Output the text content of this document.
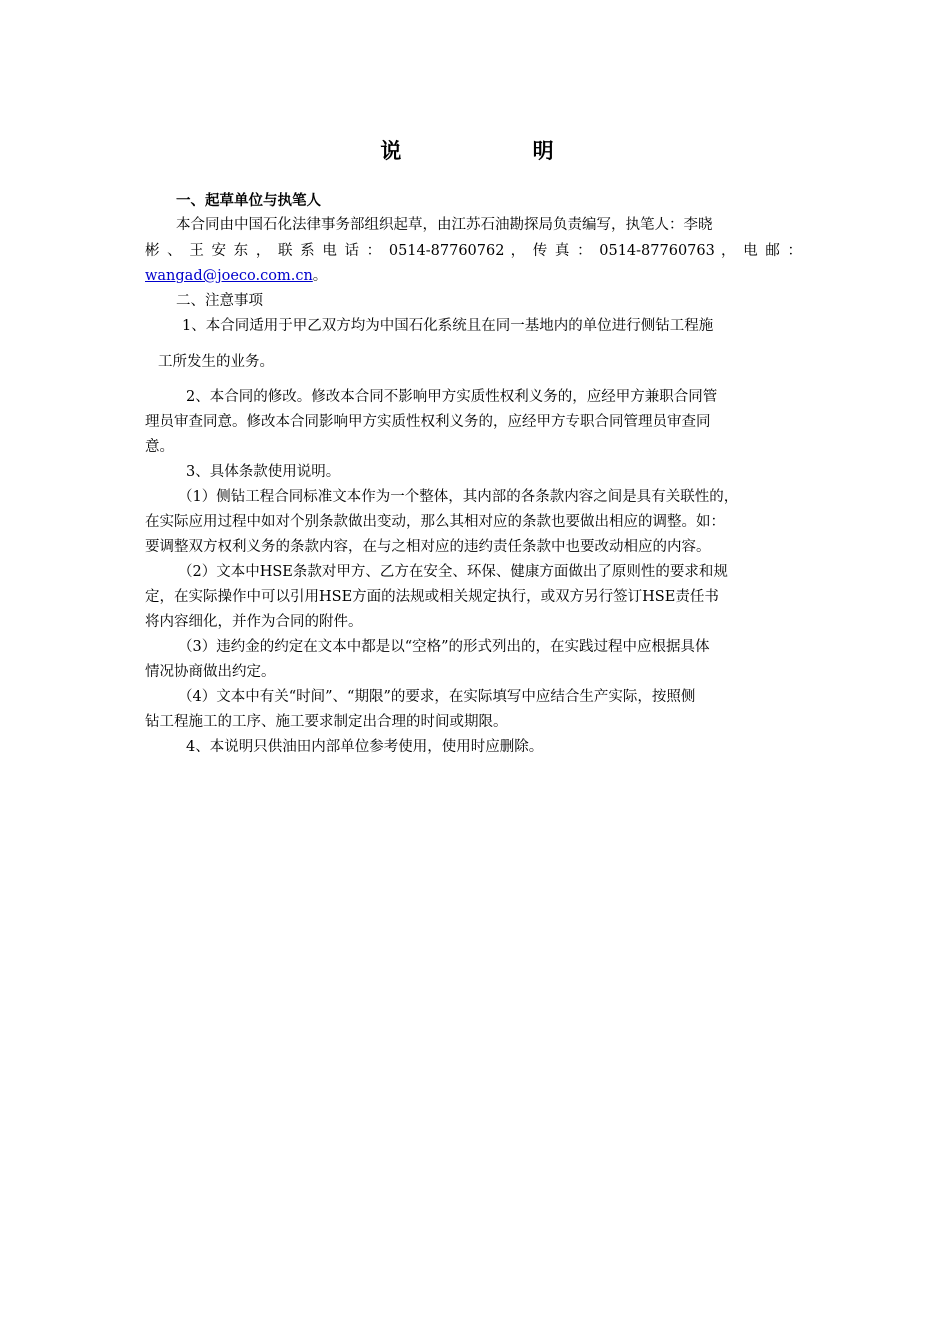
说 明
一、起草单位与执笔人
本合同由中国石化法律事务部组织起草，由江苏石油勘探局负责编写，执笔人：李晓
彬 、 王 安 东 ， 联 系 电 话 ： 0514-87760762 ， 传 真 ： 0514-87760763 ， 电 邮 ：
wangad@joeco.com.cn。
二、注意事项
1、本合同适用于甲乙双方均为中国石化系统且在同一基地内的单位进行侧钻工程施
工所发生的业务。
2、本合同的修改。修改本合同不影响甲方实质性权利义务的，应经甲方兼职合同管
理员审查同意。修改本合同影响甲方实质性权利义务的，应经甲方专职合同管理员审查同
意。
3、具体条款使用说明。
（1）侧钻工程合同标准文本作为一个整体，其内部的各条款内容之间是具有关联性的，
在实际应用过程中如对个别条款做出变动，那么其相对应的条款也要做出相应的调整。如：
要调整双方权利义务的条款内容，在与之相对应的违约责任条款中也要改动相应的内容。
（2）文本中HSE条款对甲方、乙方在安全、环保、健康方面做出了原则性的要求和规
定，在实际操作中可以引用HSE方面的法规或相关规定执行，或双方另行签订HSE责任书
将内容细化，并作为合同的附件。
（3）违约金的约定在文本中都是以“空格”的形式列出的，在实践过程中应根据具体
情况协商做出约定。
（4）文本中有关“时间”、“期限”的要求，在实际填写中应结合生产实际，按照侧
钻工程施工的工序、施工要求制定出合理的时间或期限。
4、本说明只供油田内部单位参考使用，使用时应删除。
